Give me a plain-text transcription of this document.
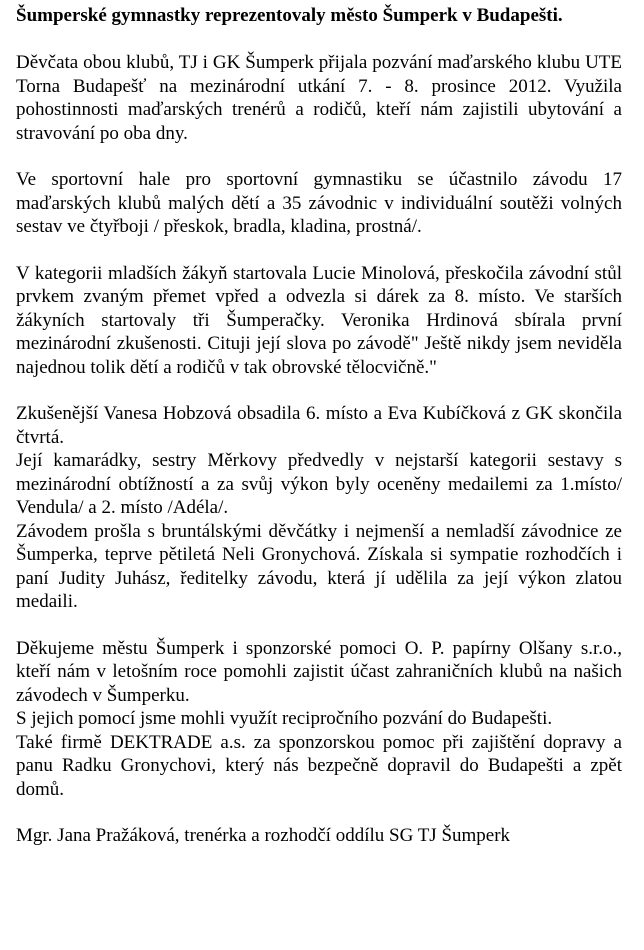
Šumperské gymnastky reprezentovaly město Šumperk v Budapešti.

Děvčata obou klubů, TJ i GK Šumperk přijala pozvání maďarského klubu UTE Torna Budapešť na mezinárodní utkání 7. - 8. prosince 2012. Využila pohostinnosti maďarských trenérů a rodičů, kteří nám zajistili ubytování a stravování po oba dny.

Ve sportovní hale pro sportovní gymnastiku se účastnilo závodu 17 maďarských klubů malých dětí a 35 závodnic v individuální soutěži volných sestav ve čtyřboji / přeskok, bradla, kladina, prostná/.

V kategorii mladších žákyň startovala Lucie Minolová, přeskočila závodní stůl prvkem zvaným přemet vpřed a odvezla si dárek za 8. místo. Ve starších žákyních startovaly tři Šumperačky. Veronika Hrdinová sbírala první mezinárodní zkušenosti. Cituji její slova po závodě" Ještě nikdy jsem neviděla najednou tolik dětí a rodičů v tak obrovské tělocvičně."

Zkušenější Vanesa Hobzová obsadila 6. místo a Eva Kubíčková z GK skončila čtvrtá.

Její kamarádky, sestry Měrkovy předvedly v nejstarší kategorii sestavy s mezinárodní obtížností a za svůj výkon byly oceněny medailemi za 1.místo/ Vendula/ a 2. místo /Adéla/.

Závodem prošla s bruntálskými děvčátky i nejmenší a nemladší závodnice ze Šumperka, teprve pětiletá Neli Gronychová. Získala si sympatie rozhodčích i paní Judity Juhász, ředitelky závodu, která jí udělila za její výkon zlatou medaili.

Děkujeme městu Šumperk i sponzorské pomoci O. P. papírny Olšany s.r.o., kteří nám v letošním roce pomohli zajistit účast zahraničních klubů na našich závodech v Šumperku.

S jejich pomocí jsme mohli využít recipročního pozvání do Budapešti.

Také firmě DEKTRADE a.s. za sponzorskou pomoc při zajištění dopravy a panu Radku Gronychovi, který nás bezpečně dopravil do Budapešti a zpět domů.

Mgr. Jana Pražáková, trenérka a rozhodčí oddílu SG TJ Šumperk
